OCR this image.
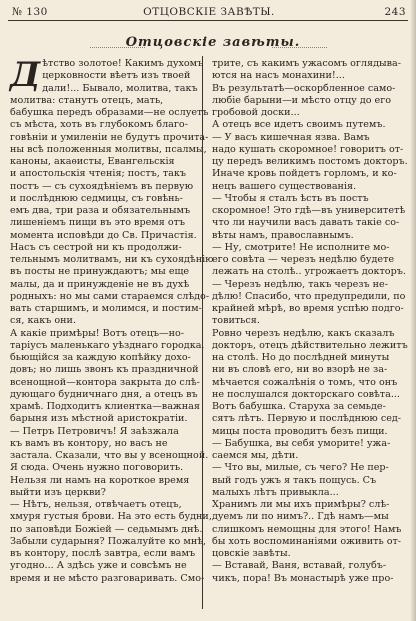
№ 130	ОТЦОВСКІЕ ЗАВѢТЫ.	243
Отцовскіе завѣты.
Д ѣтство золотое! Какимъ духомъ
церковности вѣетъ изъ твоей
дали!... Бывало, молитва, такъ
молитва: станутъ отецъ, мать,
бабушка передъ образами—не ослуетъ
съ мѣста, хоть въ глубокомъ благо-
говѣніи и умиленіи не будутъ прочита-
ны всѣ положенныя молитвы, псалмы,
каноны, акаѳисты, Евангельскія
и апостольскія чтенія; постъ, такъ
постъ — съ сухоядѣніемъ въ первую
и послѣднюю седмицы, съ говѣнь-
емъ два, три раза и обязательнымъ
лишеніемъ пищи въ это время отъ
момента исповѣди до Св. Причастія.
Насъ съ сестрой ни къ продолжи-
тельнымъ молитвамъ, ни къ сухоядѣнію
въ посты не принуждаютъ; мы еще
малы, да и принужденіе не въ духѣ
родныхъ: но мы сами стараемся слѣдо-
вать старшимъ, и молимся, и постим-
ся, какъ они.
А какіе примѣры! Вотъ отецъ—но-
таріусъ маленькаго уѣзднаго городка,
бьющійся за каждую копѣйку дохо-
довъ; но лишь звонъ къ праздничной
всенощной—контора закрыта до слѣ-
дующаго будничнаго дня, а отецъ въ
храмѣ. Подходитъ клиентка—важная
барыня изъ мѣстной аристократіи.
— Петръ Петровичъ! Я заѣзжала
къ вамъ въ контору, но васъ не
застала. Сказали, что вы у всенощной.
Я сюда. Очень нужно поговорить.
Нельзя ли намъ на короткое время
выйти изъ церкви?
— Нѣтъ, нельзя, отвѣчаетъ отецъ,
хмуря густыя брови. На это есть будни,
по заповѣди Божіей — седьмымъ днѣ.
Забыли сударыня? Пожалуйте ко мнѣ,
въ контору, послѣ завтра, если вамъ
угодно... А здѣсь уже и совсѣмъ не
время и не мѣсто разговаривать. Смо-
трите, съ какимъ ужасомъ оглядыва-
ются на насъ монахини!...
Въ результатѣ—оскорбленное само-
любіе барыни—и мѣсто отцу до его
гробовой доски...
А отецъ все идетъ своимъ путемъ.
— У васъ кишечная язва. Вамъ
надо кушать скоромное! говоритъ от-
цу передъ великимъ постомъ докторъ.
Иначе кровь пойдетъ горломъ, и ко-
нецъ вашего существованія.
— Чтобы я сталъ ѣсть въ постъ
скоромное! Это гдѣ—въ университетѣ
что ли научили васъ давать такіе со-
вѣты намъ, православнымъ.
— Ну, смотрите! Не исполните мо-
его совѣта — черезъ недѣлю будете
лежать на столѣ.. угрожаетъ докторъ.
— Черезъ недѣлю, такъ черезъ не-
дѣлю! Спасибо, что предупредили, по
крайней мѣрѣ, во время успѣю подго-
товиться.
Ровно черезъ недѣлю, какъ сказалъ
докторъ, отецъ дѣйствительно лежитъ
на столѣ. Но до послѣдней минуты
ни въ словѣ его, ни во взорѣ не за-
мѣчается сожалѣнія о томъ, что онъ
не послушался докторскаго совѣта...
Вотъ бабушка. Старуха за семьде-
сятъ лѣтъ. Первую и послѣднюю сед-
мицы поста проводитъ безъ пищи.
— Бабушка, вы себя уморите! ужа-
саемся мы, дѣти.
— Что вы, милые, съ чего? Не пер-
вый годъ ужъ я такъ пощусь. Съ
малыхъ лѣтъ привыкла...
Хранимъ ли мы ихъ примѣры? слѣ-
дуемъ ли по нимъ?.. Гдѣ намъ—мы
слишкомъ немощны для этого! Намъ
бы хоть воспоминаніями оживить от-
цовскіе завѣты.
— Вставай, Ваня, вставай, голубъ-
чикъ, пора! Въ монастырѣ уже про-
